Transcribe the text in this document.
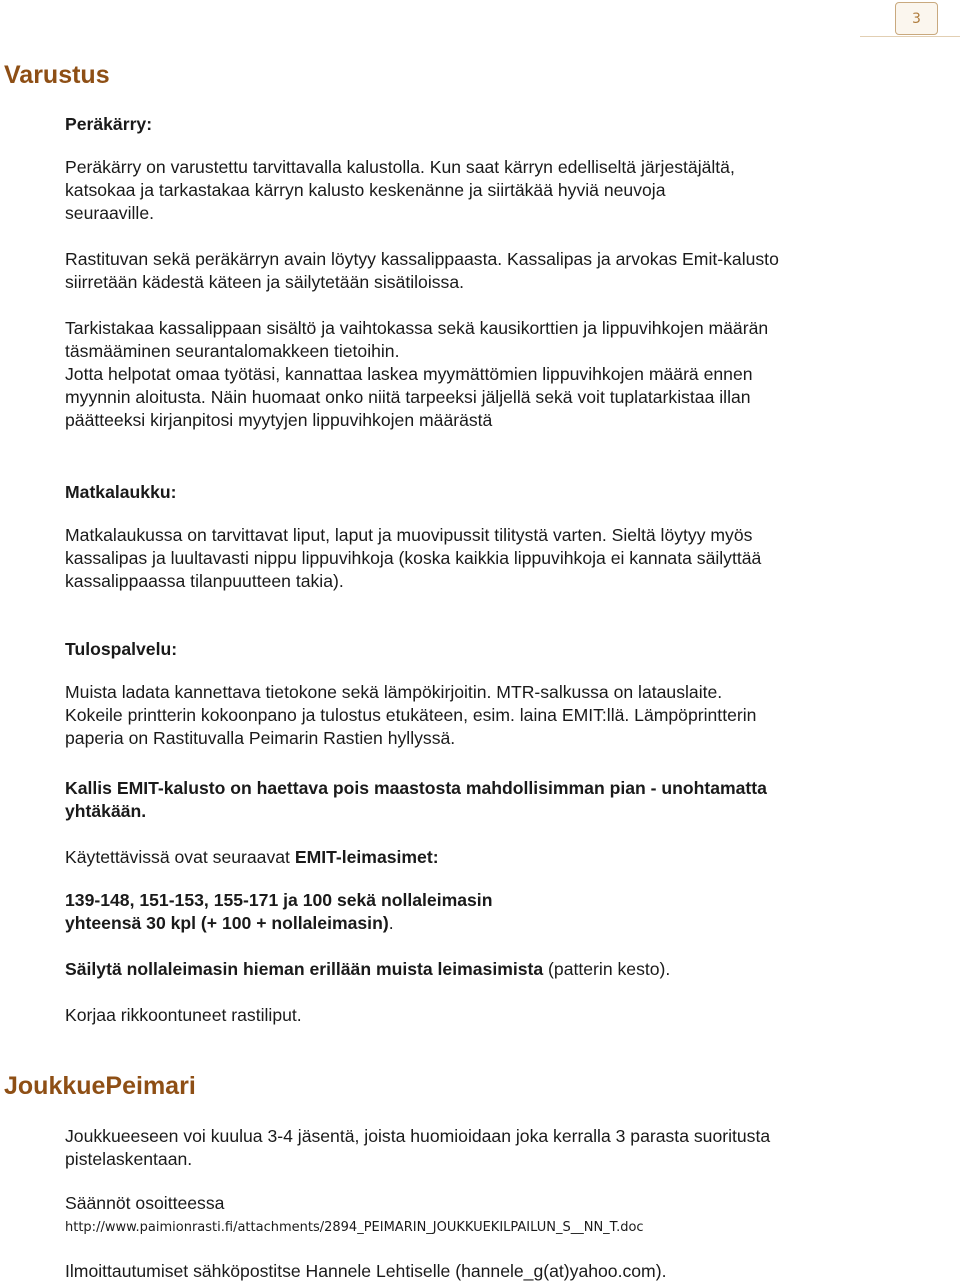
3
Varustus

Peräkärry:

Peräkärry on varustettu tarvittavalla kalustolla. Kun saat kärryn edelliseltä järjestäjältä,
katsokaa ja tarkastakaa kärryn kalusto keskenänne ja siirtäkää hyviä neuvoja
seuraaville.

Rastituvan sekä peräkärryn avain löytyy kassalippaasta. Kassalipas ja arvokas Emit-kalusto
siirretään kädestä käteen ja säilytetään sisätiloissa.

Tarkistakaa kassalippaan sisältö ja vaihtokassa sekä kausikorttien ja lippuvihkojen määrän
täsmääminen seurantalomakkeen tietoihin.
Jotta helpotat omaa työtäsi, kannattaa laskea myymättömien lippuvihkojen määrä ennen
myynnin aloitusta. Näin huomaat onko niitä tarpeeksi jäljellä sekä voit tuplatarkistaa illan
päätteeksi kirjanpitosi myytyjen lippuvihkojen määrästä

Matkalaukku:

Matkalaukussa on tarvittavat liput, laput ja muovipussit tilitystä varten. Sieltä löytyy myös
kassalipas ja luultavasti nippu lippuvihkoja (koska kaikkia lippuvihkoja ei kannata säilyttää
kassalippaassa tilanpuutteen takia).

Tulospalvelu:

Muista ladata kannettava tietokone sekä lämpökirjoitin. MTR-salkussa on latauslaite.
Kokeile printterin kokoonpano ja tulostus etukäteen, esim. laina EMIT:llä. Lämpöprintterin
paperia on Rastituvalla Peimarin Rastien hyllyssä.

Kallis EMIT-kalusto on haettava pois maastosta mahdollisimman pian - unohtamatta
yhtäkään.

Käytettävissä ovat seuraavat EMIT-leimasimet:

139-148, 151-153, 155-171 ja 100 sekä nollaleimasin
yhteensä 30 kpl (+ 100 + nollaleimasin).

Säilytä nollaleimasin hieman erillään muista leimasimista (patterin kesto).

Korjaa rikkoontuneet rastiliput.

JoukkuePeimari

Joukkueeseen voi kuulua 3-4 jäsentä, joista huomioidaan joka kerralla 3 parasta suoritusta
pistelaskentaan.

Säännöt osoitteessa

http://www.paimionrasti.fi/attachments/2894_PEIMARIN_JOUKKUEKILPAILUN_S__NN_T.doc

Ilmoittautumiset sähköpostitse Hannele Lehtiselle (hannele_g(at)yahoo.com).
